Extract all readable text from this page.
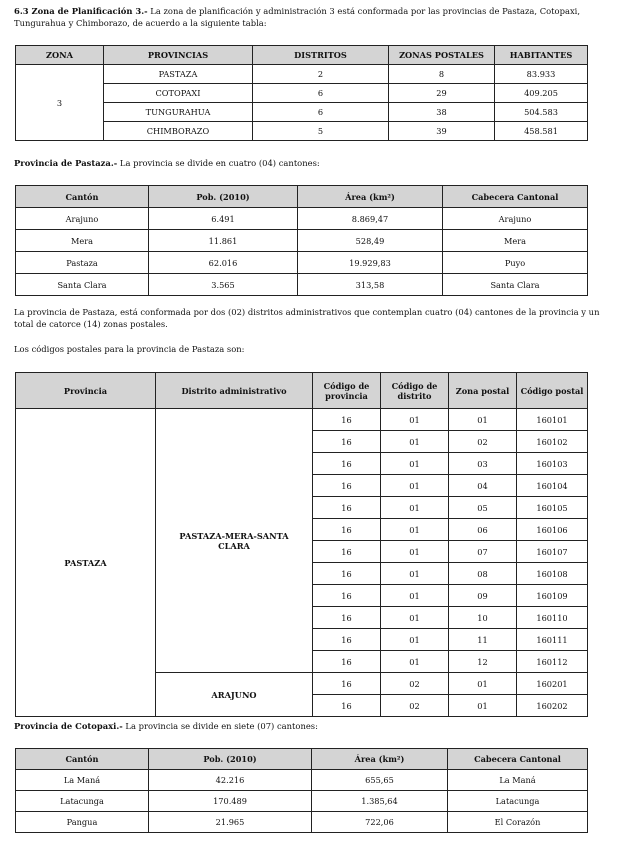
6.3 Zona de Planificación 3.- La zona de planificación y administración 3 está conformada por las provincias de Pastaza, Cotopaxi, Tungurahua y Chimborazo, de acuerdo a la siguiente tabla:

ZONA	PROVINCIAS	DISTRITOS	ZONAS POSTALES	HABITANTES
3	PASTAZA	2	8	83.933
	COTOPAXI	6	29	409.205
	TUNGURAHUA	6	38	504.583
	CHIMBORAZO	5	39	458.581

Provincia de Pastaza.- La provincia se divide en cuatro (04) cantones:

Cantón	Pob. (2010)	Área (km²)	Cabecera Cantonal
Arajuno	6.491	8.869,47	Arajuno
Mera	11.861	528,49	Mera
Pastaza	62.016	19.929,83	Puyo
Santa Clara	3.565	313,58	Santa Clara

La provincia de Pastaza, está conformada por dos (02) distritos administrativos que contemplan cuatro (04) cantones de la provincia y un total de catorce (14) zonas postales.

Los códigos postales para la provincia de Pastaza son:

Provincia	Distrito administrativo	Código de provincia	Código de distrito	Zona postal	Código postal
PASTAZA	PASTAZA-MERA-SANTA CLARA	16	01	01	160101
		16	01	02	160102
		16	01	03	160103
		16	01	04	160104
		16	01	05	160105
		16	01	06	160106
		16	01	07	160107
		16	01	08	160108
		16	01	09	160109
		16	01	10	160110
		16	01	11	160111
		16	01	12	160112
	ARAJUNO	16	02	01	160201
		16	02	01	160202

Provincia de Cotopaxi.- La provincia se divide en siete (07) cantones:

Cantón	Pob. (2010)	Área (km²)	Cabecera Cantonal
La Maná	42.216	655,65	La Maná
Latacunga	170.489	1.385,64	Latacunga
Pangua	21.965	722,06	El Corazón
